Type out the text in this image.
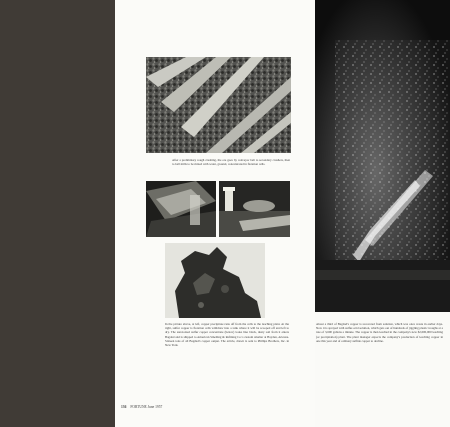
After a preliminary rough crushing, the ore goes by conveyor belt to secondary crushers, then to ball mills to be mixed with water, ground, concentrated in flotation cells.

In the picture above, at left, copper precipitate runs off from the cells to the leaching plant. At the right, sulfur copper is flotation cells withdraw into a tank where it will be scooped off and left to dry. The sand-sized sulfur copper concentrate (below) looks like black, dusty soil from it enters Bagdad and is shipped to American Smelting & Refining Co.'s custom smelter at Hayden, Arizona. Sixteen tons of all Bagdad's copper output. The article, drawn is sent to Phillips Brothers, Inc. in New York.

About a third of Bagdad's copper is recovered from solution, which was once waste in earlier days. Now it is sprayed with sulfur-acid solution, which gets out of hundreds of jiggling plastic troughs at a rate of 3,600 gallons a minute. The copper is then leached in the company's new $2,000,000 leaching (or precipitation) plant. The plant manager expects the company's production of leaching copper in one this year and of ordinary sulfide copper to decline.

136 FORTUNE June 1957
